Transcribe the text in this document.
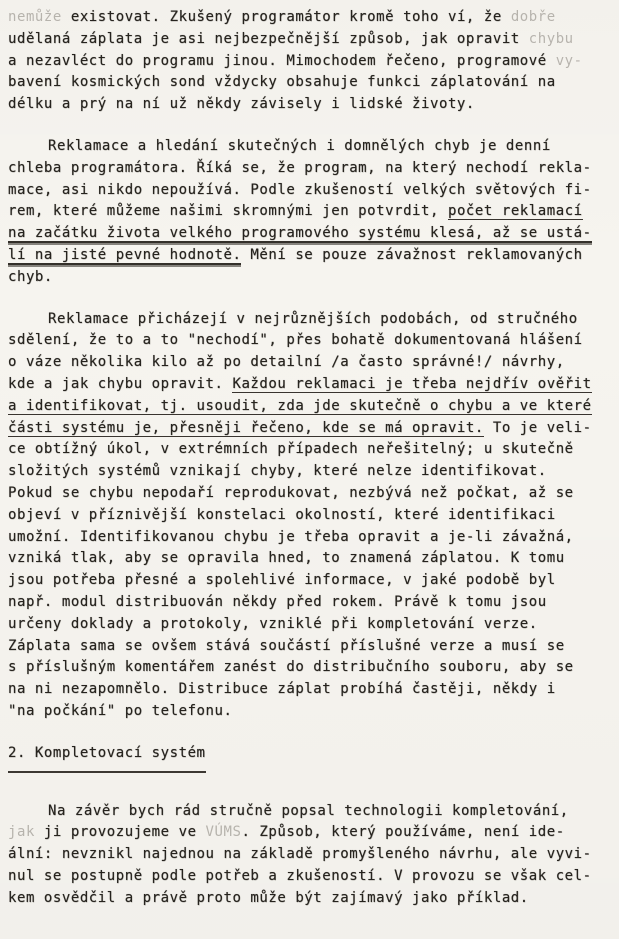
nemůže existovat. Zkušený programátor kromě toho ví, že dobře
udělaná záplata je asi nejbezpečnější způsob, jak opravit chybu
a nezavléct do programu jinou. Mimochodem řečeno, programové vy-
bavení kosmických sond vždycky obsahuje funkci záplatování na
délku a prý na ní už někdy závisely i lidské životy.
Reklamace a hledání skutečných i domnělých chyb je denní
chleba programátora. Říká se, že program, na který nechodí rekla-
mace, asi nikdo nepoužívá. Podle zkušeností velkých světových fi-
rem, které můžeme našimi skromnými jen potvrdit, počet reklamací
na začátku života velkého programového systému klesá, až se ustá-
lí na jisté pevné hodnotě. Mění se pouze závažnost reklamovaných
chyb.
Reklamace přicházejí v nejrůznějších podobách, od stručného
sdělení, že to a to "nechodí", přes bohatě dokumentovaná hlášení
o váze několika kilo až po detailní /a často správné!/ návrhy,
kde a jak chybu opravit. Každou reklamaci je třeba nejdřív ověřit
a identifikovat, tj. usoudit, zda jde skutečně o chybu a ve které
části systému je, přesněji řečeno, kde se má opravit. To je veli-
ce obtížný úkol, v extrémních případech neřešitelný; u skutečně
složitých systémů vznikají chyby, které nelze identifikovat.
Pokud se chybu nepodaří reprodukovat, nezbývá než počkat, až se
objeví v příznivější konstelaci okolností, které identifikaci
umožní. Identifikovanou chybu je třeba opravit a je-li závažná,
vzniká tlak, aby se opravila hned, to znamená záplatou. K tomu
jsou potřeba přesné a spolehlivé informace, v jaké podobě byl
např. modul distribuován někdy před rokem. Právě k tomu jsou
určeny doklady a protokoly, vzniklé při kompletování verze.
Záplata sama se ovšem stává součástí příslušné verze a musí se
s příslušným komentářem zanést do distribučního souboru, aby se
na ni nezapomnělo. Distribuce záplat probíhá častěji, někdy i
"na počkání" po telefonu.
2. Kompletovací systém
Na závěr bych rád stručně popsal technologii kompletování,
jak ji provozujeme ve VÚMS. Způsob, který používáme, není ide-
ální: nevznikl najednou na základě promyšleného návrhu, ale vyvi-
nul se postupně podle potřeb a zkušeností. V provozu se však cel-
kem osvědčil a právě proto může být zajímavý jako příklad.
